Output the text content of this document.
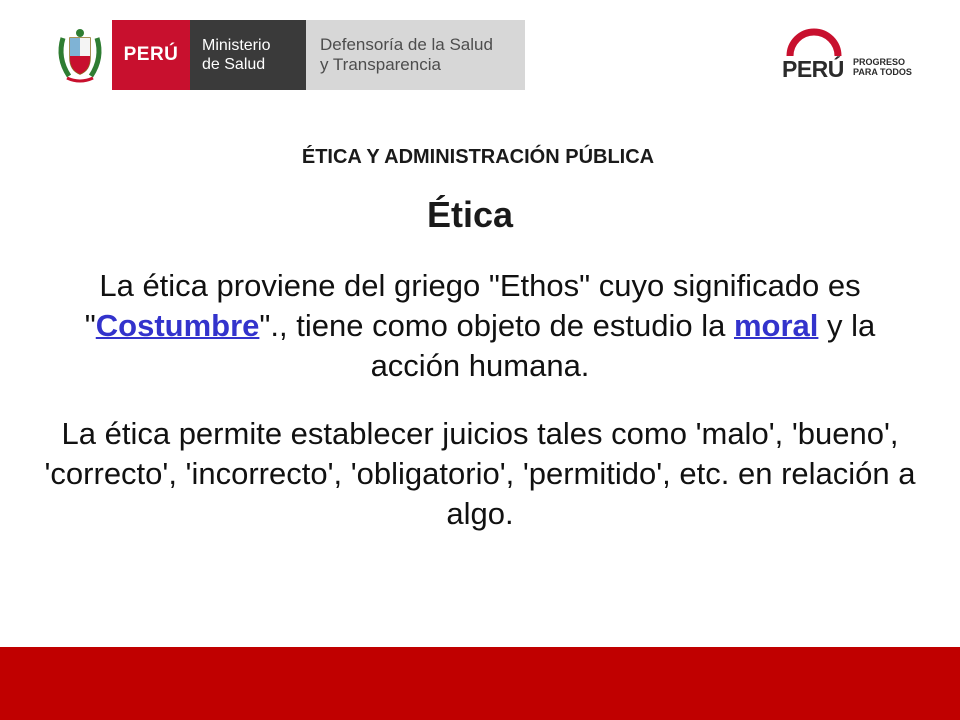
PERÚ Ministerio
de Salud
Defensoría de la Salud
y Transparencia	PERÚ PROGRESO
PARA TODOS
ÉTICA Y ADMINISTRACIÓN PÚBLICA
Ética

La ética proviene del griego "Ethos" cuyo significado es "Costumbre"., tiene como objeto de estudio la moral y la acción humana.

La ética permite establecer juicios tales como 'malo', 'bueno', 'correcto', 'incorrecto', 'obligatorio', 'permitido', etc. en relación a algo.
